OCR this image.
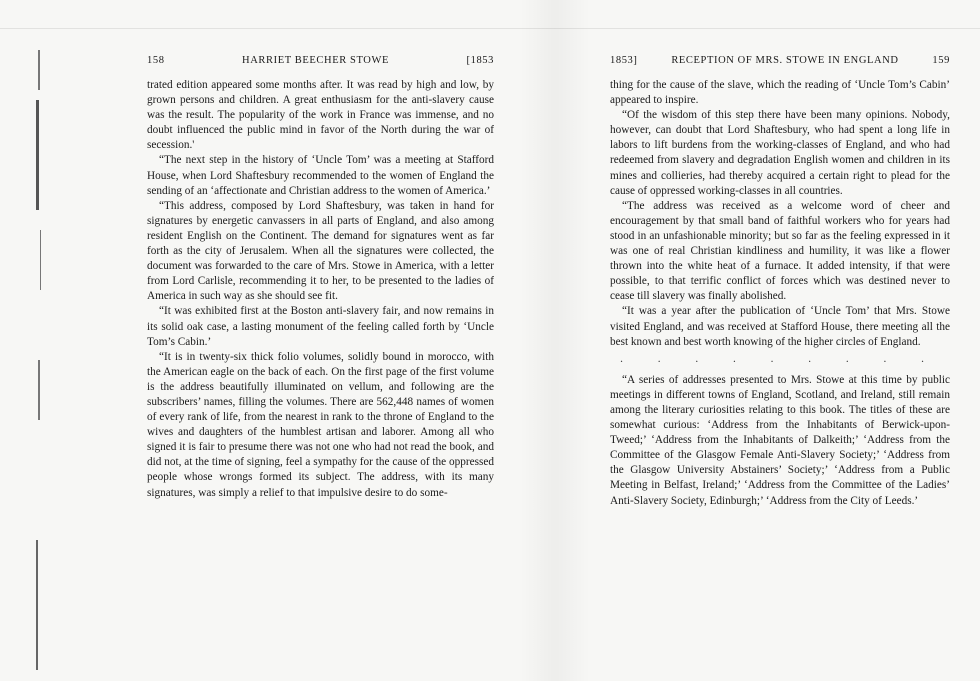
158	HARRIET BEECHER STOWE	[1853

trated edition appeared some months after. It was read by high and low, by grown persons and children. A great enthusiasm for the anti-slavery cause was the result. The popularity of the work in France was immense, and no doubt influenced the public mind in favor of the North during the war of secession.'

“The next step in the history of ‘Uncle Tom’ was a meeting at Stafford House, when Lord Shaftesbury recommended to the women of England the sending of an ‘affectionate and Christian address to the women of America.’

“This address, composed by Lord Shaftesbury, was taken in hand for signatures by energetic canvassers in all parts of England, and also among resident English on the Continent. The demand for signatures went as far forth as the city of Jerusalem. When all the signatures were collected, the document was forwarded to the care of Mrs. Stowe in America, with a letter from Lord Carlisle, recommending it to her, to be presented to the ladies of America in such way as she should see fit.

“It was exhibited first at the Boston anti-slavery fair, and now remains in its solid oak case, a lasting monument of the feeling called forth by ‘Uncle Tom’s Cabin.’

“It is in twenty-six thick folio volumes, solidly bound in morocco, with the American eagle on the back of each. On the first page of the first volume is the address beautifully illuminated on vellum, and following are the subscribers’ names, filling the volumes. There are 562,448 names of women of every rank of life, from the nearest in rank to the throne of England to the wives and daughters of the humblest artisan and laborer. Among all who signed it is fair to presume there was not one who had not read the book, and did not, at the time of signing, feel a sympathy for the cause of the oppressed people whose wrongs formed its subject. The address, with its many signatures, was simply a relief to that impulsive desire to do some-

1853]	RECEPTION OF MRS. STOWE IN ENGLAND	159

thing for the cause of the slave, which the reading of ‘Uncle Tom’s Cabin’ appeared to inspire.

“Of the wisdom of this step there have been many opinions. Nobody, however, can doubt that Lord Shaftesbury, who had spent a long life in labors to lift burdens from the working-classes of England, and who had redeemed from slavery and degradation English women and children in its mines and collieries, had thereby acquired a certain right to plead for the cause of oppressed working-classes in all countries.

“The address was received as a welcome word of cheer and encouragement by that small band of faithful workers who for years had stood in an unfashionable minority; but so far as the feeling expressed in it was one of real Christian kindliness and humility, it was like a flower thrown into the white heat of a furnace. It added intensity, if that were possible, to that terrific conflict of forces which was destined never to cease till slavery was finally abolished.

“It was a year after the publication of ‘Uncle Tom’ that Mrs. Stowe visited England, and was received at Stafford House, there meeting all the best known and best worth knowing of the higher circles of England.

. . . . . . . . .

“A series of addresses presented to Mrs. Stowe at this time by public meetings in different towns of England, Scotland, and Ireland, still remain among the literary curiosities relating to this book. The titles of these are somewhat curious: ‘Address from the Inhabitants of Berwick-upon-Tweed;’ ‘Address from the Inhabitants of Dalkeith;’ ‘Address from the Committee of the Glasgow Female Anti-Slavery Society;’ ‘Address from the Glasgow University Abstainers’ Society;’ ‘Address from a Public Meeting in Belfast, Ireland;’ ‘Address from the Committee of the Ladies’ Anti-Slavery Society, Edinburgh;’ ‘Address from the City of Leeds.’
